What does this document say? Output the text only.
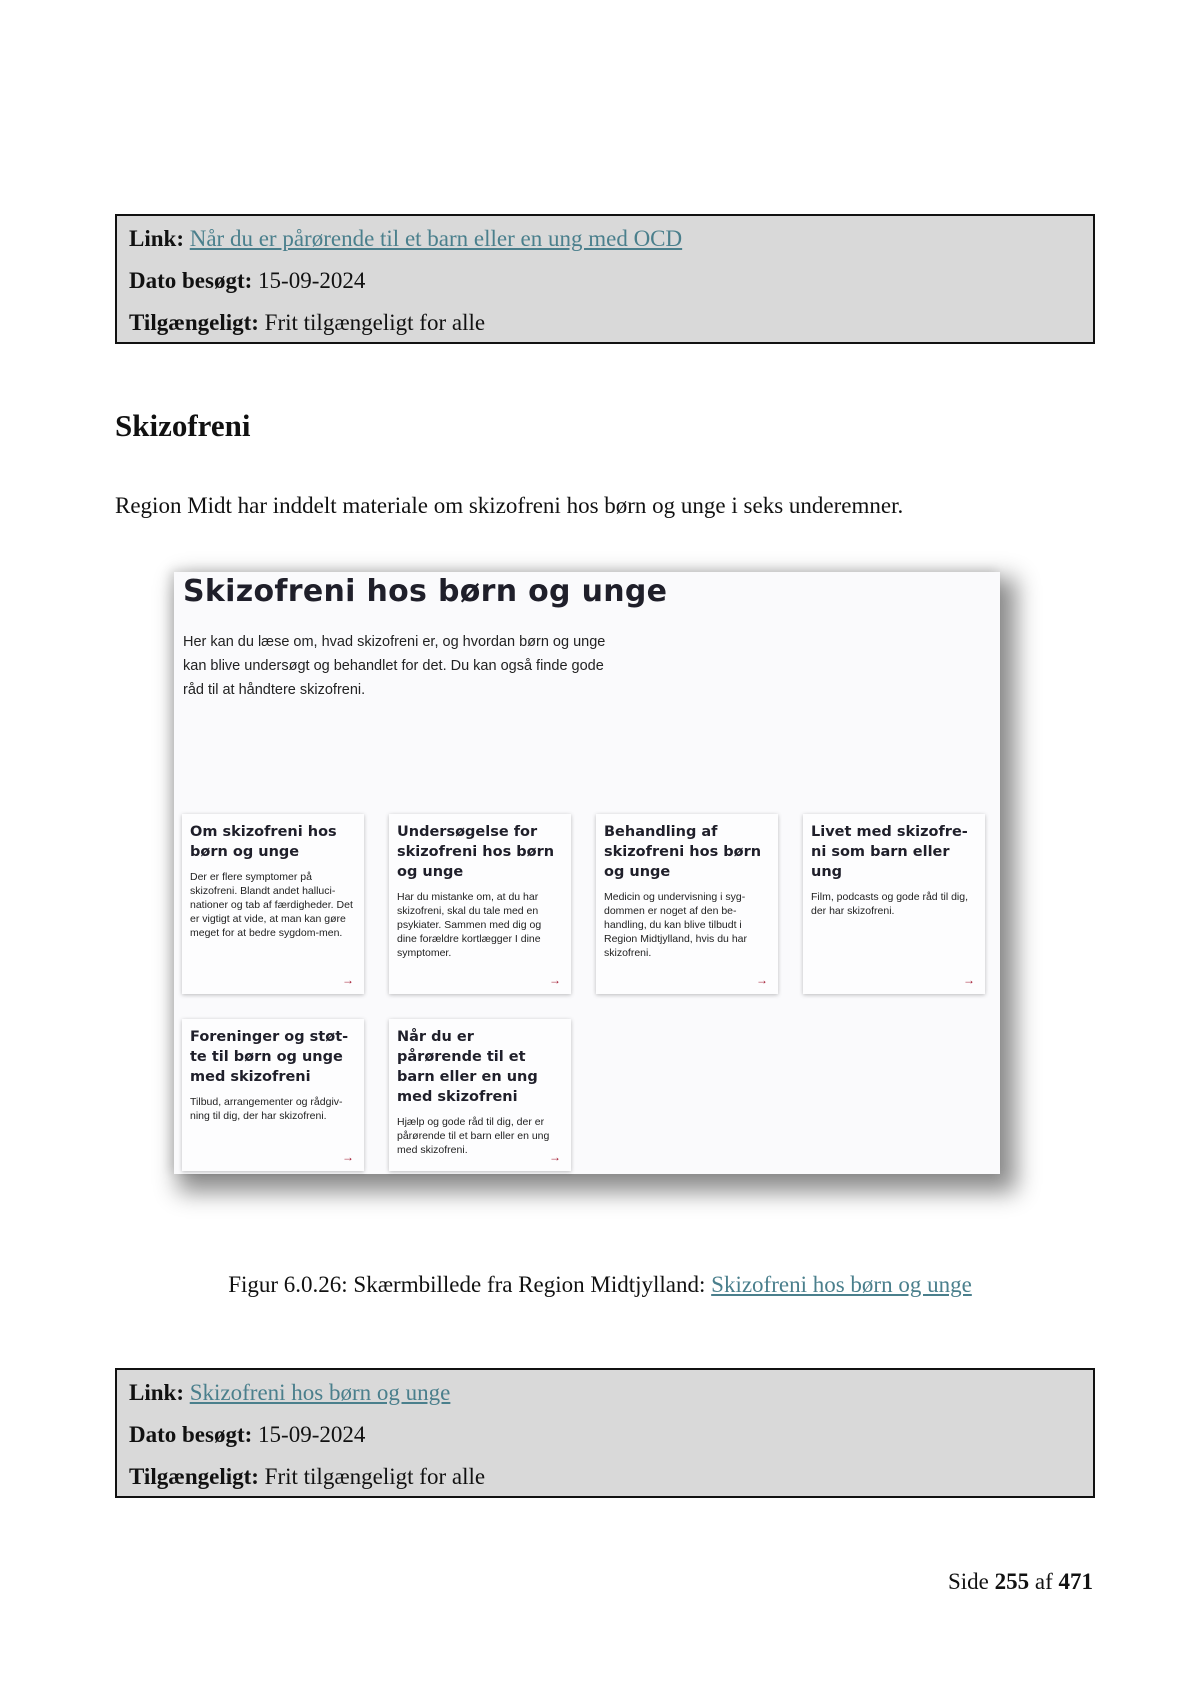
Link: Når du er pårørende til et barn eller en ung med OCD
Dato besøgt: 15-09-2024
Tilgængeligt: Frit tilgængeligt for alle
Skizofreni

Region Midt har inddelt materiale om skizofreni hos børn og unge i seks underemner.

Skizofreni hos børn og unge

Her kan du læse om, hvad skizofreni er, og hvordan børn og unge kan blive undersøgt og behandlet for det. Du kan også finde gode råd til at håndtere skizofreni.

Om skizofreni hos børn og unge

Der er flere symptomer på skizofreni. Blandt andet halluci-nationer og tab af færdigheder. Det er vigtigt at vide, at man kan gøre meget for at bedre sygdom-men.

→

Undersøgelse for skizofreni hos børn og unge

Har du mistanke om, at du har skizofreni, skal du tale med en psykiater. Sammen med dig og dine forældre kortlægger I dine symptomer.

→

Behandling af skizofreni hos børn og unge

Medicin og undervisning i syg-dommen er noget af den be-handling, du kan blive tilbudt i Region Midtjylland, hvis du har skizofreni.

→

Livet med skizofre-ni som barn eller ung

Film, podcasts og gode råd til dig, der har skizofreni.

→

Foreninger og støt-te til børn og unge med skizofreni

Tilbud, arrangementer og rådgiv-ning til dig, der har skizofreni.

→

Når du er pårørende til et barn eller en ung med skizofreni

Hjælp og gode råd til dig, der er pårørende til et barn eller en ung med skizofreni.	→
Figur 6.0.26: Skærmbillede fra Region Midtjylland: Skizofreni hos børn og unge
Link: Skizofreni hos børn og unge
Dato besøgt: 15-09-2024
Tilgængeligt: Frit tilgængeligt for alle
Side 255 af 471
